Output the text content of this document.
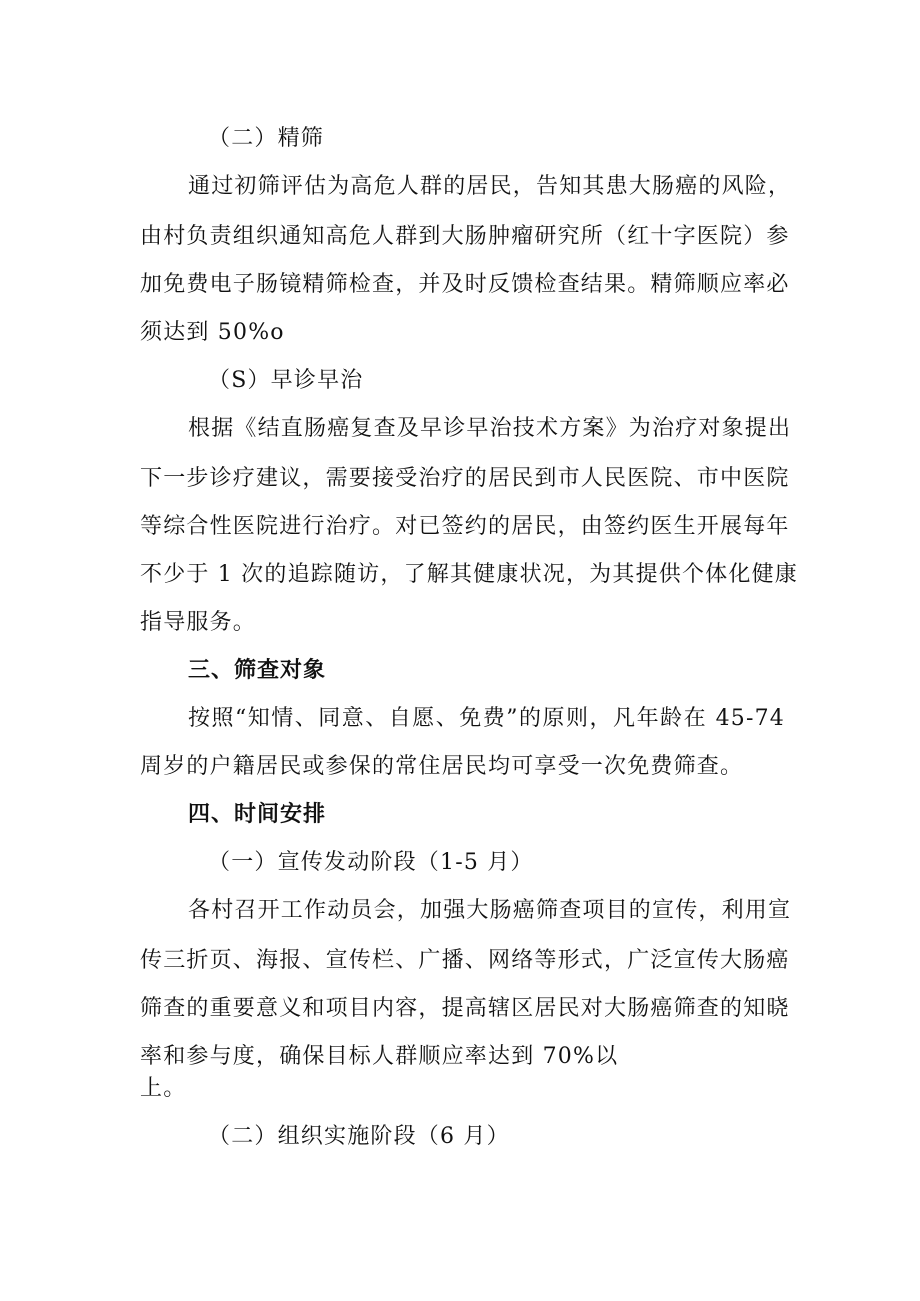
（二）精筛
通过初筛评估为高危人群的居民，告知其患大肠癌的风险，
由村负责组织通知高危人群到大肠肿瘤研究所（红十字医院）参
加免费电子肠镜精筛检查，并及时反馈检查结果。精筛顺应率必
须达到 50%o
（S）早诊早治
根据《结直肠癌复查及早诊早治技术方案》为治疗对象提出
下一步诊疗建议，需要接受治疗的居民到市人民医院、市中医院
等综合性医院进行治疗。对已签约的居民，由签约医生开展每年
不少于 1 次的追踪随访，了解其健康状况，为其提供个体化健康
指导服务。
三、筛查对象
按照“知情、同意、自愿、免费”的原则，凡年龄在 45-74
周岁的户籍居民或参保的常住居民均可享受一次免费筛查。
四、时间安排
（一）宣传发动阶段（1-5 月）
各村召开工作动员会，加强大肠癌筛查项目的宣传，利用宣
传三折页、海报、宣传栏、广播、网络等形式，广泛宣传大肠癌
筛查的重要意义和项目内容，提高辖区居民对大肠癌筛查的知晓
率和参与度，确保目标人群顺应率达到 70%以
上。
（二）组织实施阶段（6 月）
